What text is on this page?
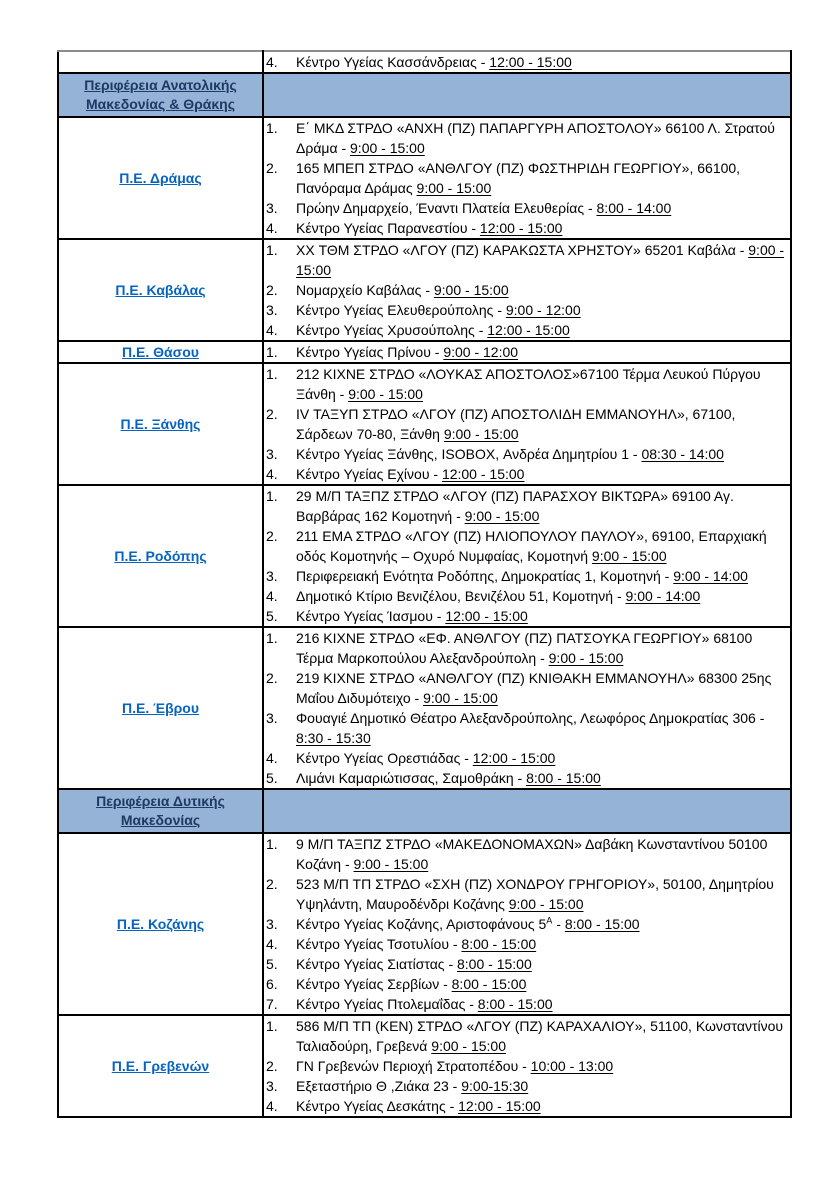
	4. Κέντρο Υγείας Κασσάνδρειας - 12:00 - 15:00

Περιφέρεια Ανατολικής Μακεδονίας & Θράκης	
Π.Ε. Δράμας	
1.	Ε΄ ΜΚΔ ΣΤΡΔΟ «ΑΝΧΗ (ΠΖ) ΠΑΠΑΡΓΥΡΗ ΑΠΟΣΤΟΛΟΥ» 66100 Λ. Στρατού Δράμα - 9:00 - 15:00
2.	165 ΜΠΕΠ ΣΤΡΔΟ «ΑΝΘΛΓΟΥ (ΠΖ) ΦΩΣΤΗΡΙΔΗ ΓΕΩΡΓΙΟΥ», 66100, Πανόραμα Δράμας 9:00 - 15:00
3.	Πρώην Δημαρχείο, Έναντι Πλατεία Ελευθερίας - 8:00 - 14:00
4.	Κέντρο Υγείας Παρανεστίου - 12:00 - 15:00

Π.Ε. Καβάλας	
1.	XX ΤΘΜ ΣΤΡΔΟ «ΛΓΟΥ (ΠΖ) ΚΑΡΑΚΩΣΤΑ ΧΡΗΣΤΟΥ» 65201 Καβάλα - 9:00 - 15:00
2.	Νομαρχείο Καβάλας - 9:00 - 15:00
3.	Κέντρο Υγείας Ελευθερούπολης - 9:00 - 12:00
4.	Κέντρο Υγείας Χρυσούπολης - 12:00 - 15:00

Π.Ε. Θάσου	1. Κέντρο Υγείας Πρίνου - 9:00 - 12:00

Π.Ε. Ξάνθης	
1.	212 ΚΙΧΝΕ ΣΤΡΔΟ «ΛΟΥΚΑΣ ΑΠΟΣΤΟΛΟΣ»67100 Τέρμα Λευκού Πύργου Ξάνθη - 9:00 - 15:00
2.	IV ΤΑΞΥΠ ΣΤΡΔΟ «ΛΓΟΥ (ΠΖ) ΑΠΟΣΤΟΛΙΔΗ ΕΜΜΑΝΟΥΗΛ», 67100, Σάρδεων 70-80, Ξάνθη 9:00 - 15:00
3.	Κέντρο Υγείας Ξάνθης, ISOBOX, Ανδρέα Δημητρίου 1 - 08:30 - 14:00
4.	Κέντρο Υγείας Εχίνου - 12:00 - 15:00

Π.Ε. Ροδόπης	
1.	29 Μ/Π ΤΑΞΠΖ ΣΤΡΔΟ «ΛΓΟΥ (ΠΖ) ΠΑΡΑΣΧΟΥ ΒΙΚΤΩΡΑ» 69100 Αγ. Βαρβάρας 162 Κομοτηνή - 9:00 - 15:00
2.	211 ΕΜΑ ΣΤΡΔΟ «ΛΓΟΥ (ΠΖ) ΗΛΙΟΠΟΥΛΟΥ ΠΑΥΛΟΥ», 69100, Επαρχιακή οδός Κομοτηνής – Οχυρό Νυμφαίας, Κομοτηνή 9:00 - 15:00
3.	Περιφερειακή Ενότητα Ροδόπης, Δημοκρατίας 1, Κομοτηνή - 9:00 - 14:00
4.	Δημοτικό Κτίριο Βενιζέλου, Βενιζέλου 51, Κομοτηνή - 9:00 - 14:00
5.	Κέντρο Υγείας Ίασμου - 12:00 - 15:00

Π.Ε. Έβρου	
1.	216 ΚΙΧΝΕ ΣΤΡΔΟ «ΕΦ. ΑΝΘΛΓΟΥ (ΠΖ) ΠΑΤΣΟΥΚΑ ΓΕΩΡΓΙΟΥ» 68100 Τέρμα Μαρκοπούλου Αλεξανδρούπολη - 9:00 - 15:00
2.	219 ΚΙΧΝΕ ΣΤΡΔΟ «ΑΝΘΛΓΟΥ (ΠΖ) ΚΝΙΘΑΚΗ ΕΜΜΑΝΟΥΗΛ» 68300 25ης Μαΐου Διδυμότειχο - 9:00 - 15:00
3.	Φουαγιέ Δημοτικό Θέατρο Αλεξανδρούπολης, Λεωφόρος Δημοκρατίας 306 - 8:30 - 15:30
4.	Κέντρο Υγείας Ορεστιάδας - 12:00 - 15:00
5.	Λιμάνι Καμαριώτισσας, Σαμοθράκη - 8:00 - 15:00

Περιφέρεια Δυτικής Μακεδονίας	
Π.Ε. Κοζάνης	
1.	9 Μ/Π ΤΑΞΠΖ ΣΤΡΔΟ «ΜΑΚΕΔΟΝΟΜΑΧΩΝ» Δαβάκη Κωνσταντίνου 50100 Κοζάνη - 9:00 - 15:00
2.	523 Μ/Π ΤΠ ΣΤΡΔΟ «ΣΧΗ (ΠΖ) ΧΟΝΔΡΟΥ ΓΡΗΓΟΡΙΟΥ», 50100, Δημητρίου Υψηλάντη, Μαυροδένδρι Κοζάνης 9:00 - 15:00
3.	Κέντρο Υγείας Κοζάνης, Αριστοφάνους $5^A$ - 8:00 - 15:00
4.	Κέντρο Υγείας Τσοτυλίου - 8:00 - 15:00
5.	Κέντρο Υγείας Σιατίστας - 8:00 - 15:00
6.	Κέντρο Υγείας Σερβίων - 8:00 - 15:00
7.	Κέντρο Υγείας Πτολεμαΐδας - 8:00 - 15:00

Π.Ε. Γρεβενών	
1.	586 Μ/Π ΤΠ (ΚΕΝ) ΣΤΡΔΟ «ΛΓΟΥ (ΠΖ) ΚΑΡΑΧΑΛΙΟΥ», 51100, Κωνσταντίνου Ταλιαδούρη, Γρεβενά 9:00 - 15:00
2.	ΓΝ Γρεβενών Περιοχή Στρατοπέδου - 10:00 - 13:00
3.	Εξεταστήριο Θ ,Ζιάκα 23 - 9:00-15:30
4.	Κέντρο Υγείας Δεσκάτης - 12:00 - 15:00
